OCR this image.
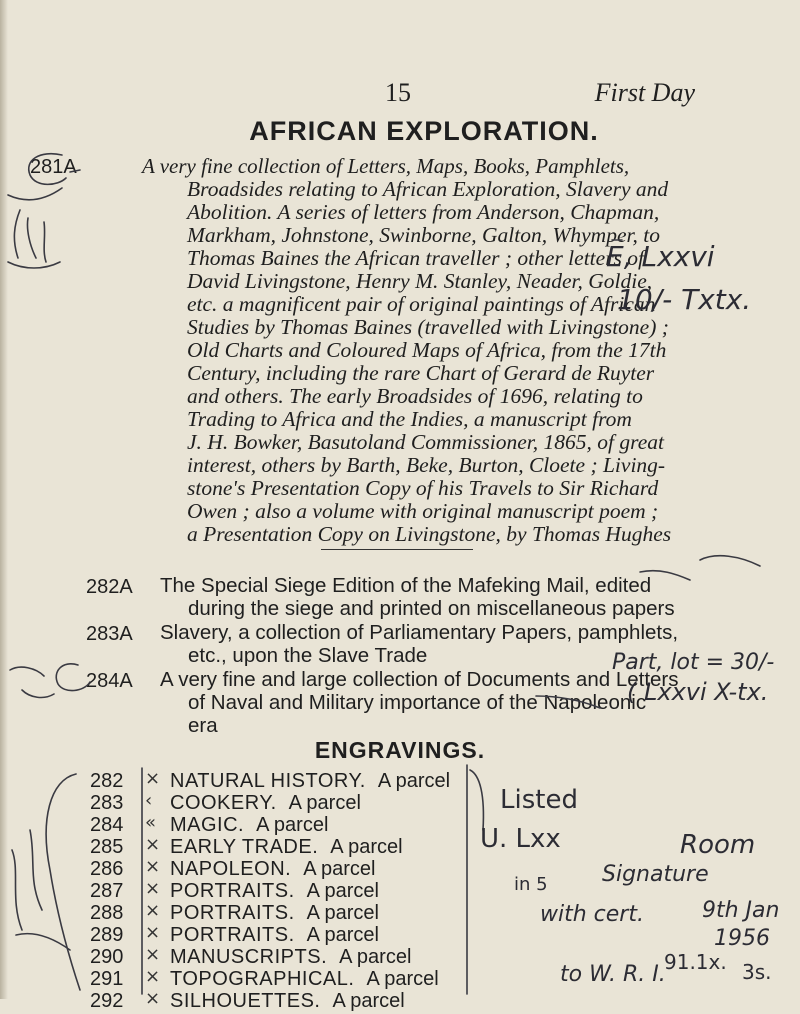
15	First Day
AFRICAN EXPLORATION.
281A	A very fine collection of Letters, Maps, Books, Pamphlets,
Broadsides relating to African Exploration, Slavery and
Abolition. A series of letters from Anderson, Chapman,
Markham, Johnstone, Swinborne, Galton, Whymper, to
Thomas Baines the African traveller ; other letters of
David Livingstone, Henry M. Stanley, Neader, Goldie,
etc. a magnificent pair of original paintings of African
Studies by Thomas Baines (travelled with Livingstone) ;
Old Charts and Coloured Maps of Africa, from the 17th
Century, including the rare Chart of Gerard de Ruyter
and others. The early Broadsides of 1696, relating to
Trading to Africa and the Indies, a manuscript from
J. H. Bowker, Basutoland Commissioner, 1865, of great
interest, others by Barth, Beke, Burton, Cloete ; Living-
stone's Presentation Copy of his Travels to Sir Richard
Owen ; also a volume with original manuscript poem ;
a Presentation Copy on Livingstone, by Thomas Hughes
282A The Special Siege Edition of the Mafeking Mail, edited
during the siege and printed on miscellaneous papers
283A Slavery, a collection of Parliamentary Papers, pamphlets,
etc., upon the Slave Trade
284A A very fine and large collection of Documents and Letters
of Naval and Military importance of the Napoleonic
era
ENGRAVINGS.
282 × NATURAL HISTORY. A parcel
283 ‹ COOKERY. A parcel
284 « MAGIC. A parcel
285 × EARLY TRADE. A parcel
286 × NAPOLEON. A parcel
287 × PORTRAITS. A parcel
288 × PORTRAITS. A parcel
289 × PORTRAITS. A parcel
290 × MANUSCRIPTS. A parcel
291 × TOPOGRAPHICAL. A parcel
292 × SILHOUETTES. A parcel
E, Lxxvi
10/- Txtx.
Part, lot = 30/-
( Lxxvi X-tx.
Listed
U. Lxx	Room
Signature
in 5
with cert.	9th Jan
1956
91.1x. 3s.
to W. R. I.
